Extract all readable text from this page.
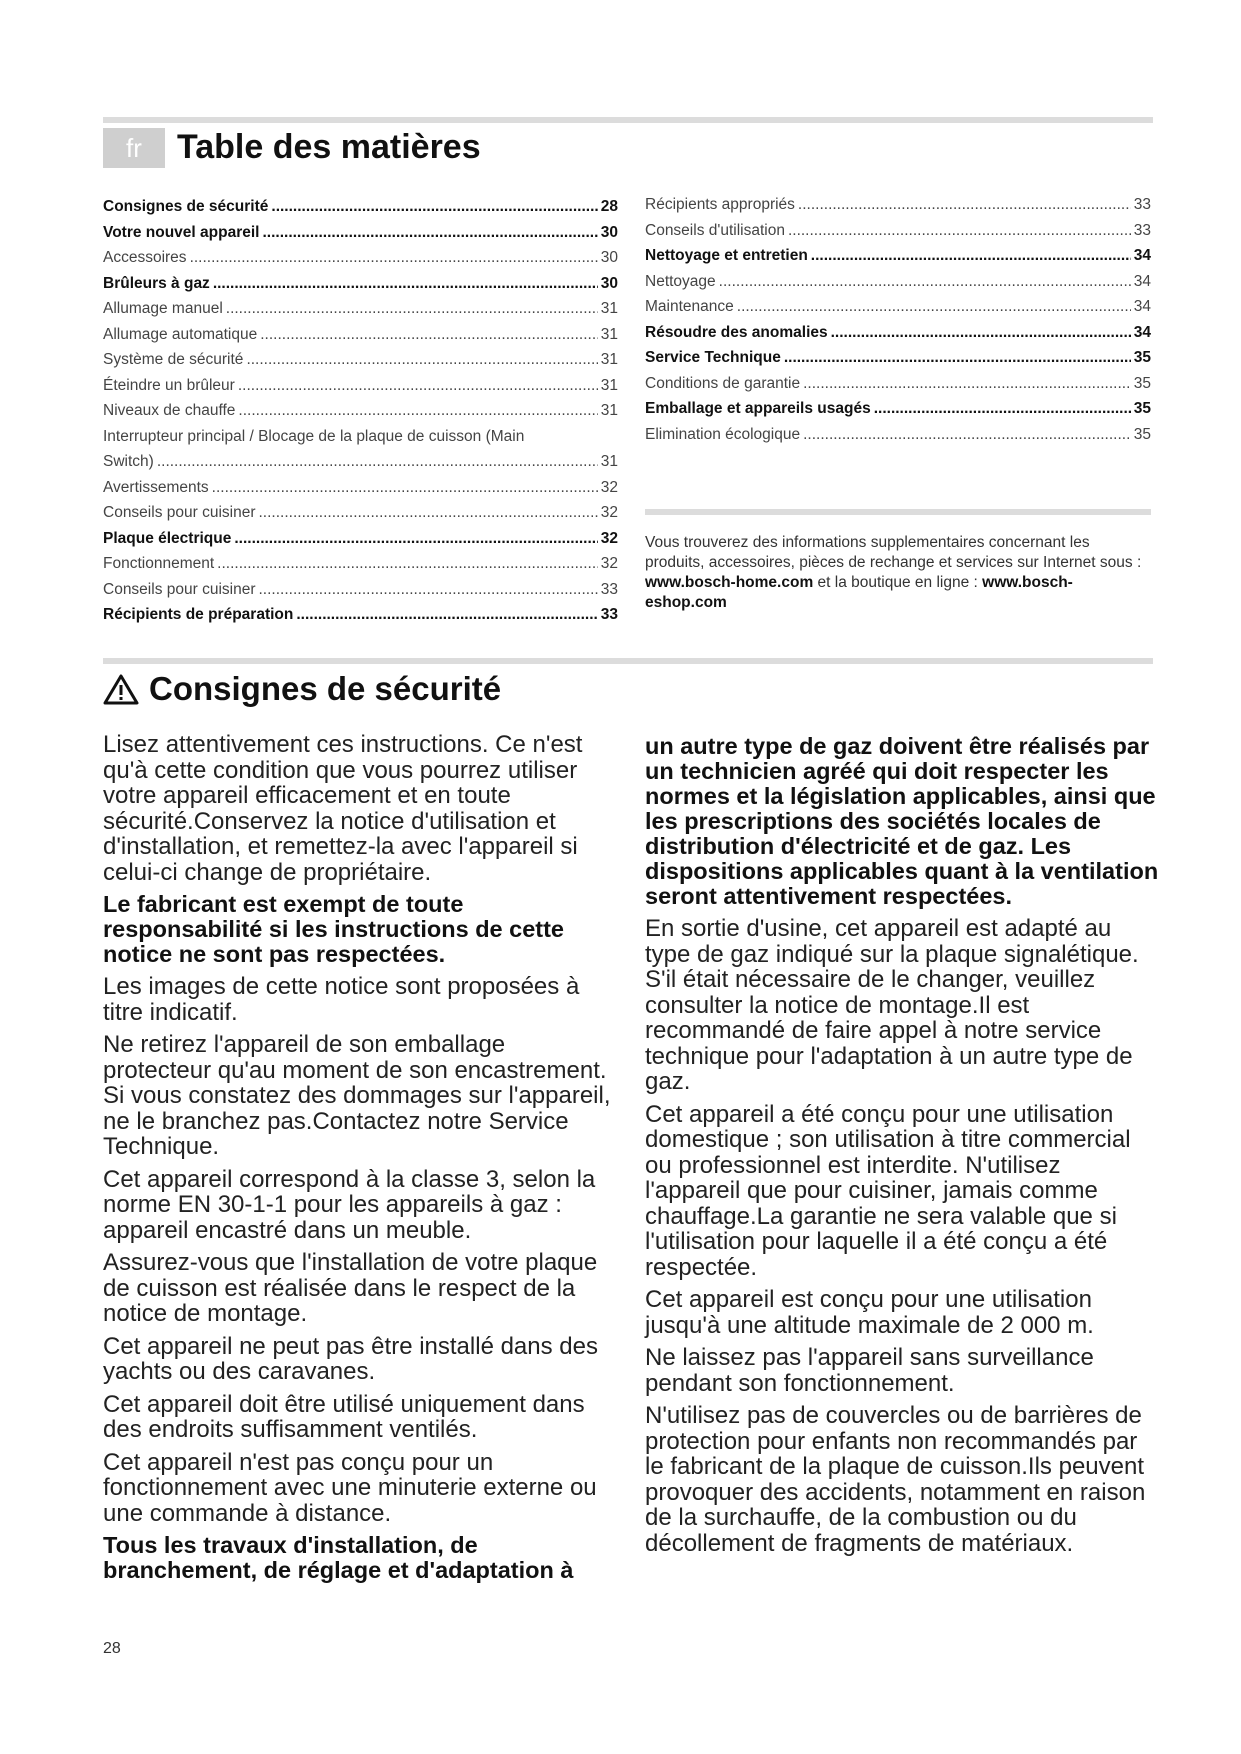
fr	Table des matières
Consignes de sécurité .....	28
Votre nouvel appareil .....	30
Accessoires .....	30
Brûleurs à gaz .....	30
Allumage manuel .....	31
Allumage automatique .....	31
Système de sécurité .....	31
Éteindre un brûleur .....	31
Niveaux de chauffe .....	31
Interrupteur principal / Blocage de la plaque de cuisson (Main
Switch) .....	31
Avertissements .....	32
Conseils pour cuisiner .....	32
Plaque électrique .....	32
Fonctionnement .....	32
Conseils pour cuisiner .....	33
Récipients de préparation .....	33
Récipients appropriés .....	33
Conseils d'utilisation .....	33
Nettoyage et entretien .....	34
Nettoyage .....	34
Maintenance .....	34
Résoudre des anomalies .....	34
Service Technique .....	35
Conditions de garantie .....	35
Emballage et appareils usagés .....	35
Elimination écologique .....	35
Vous trouverez des informations supplementaires concernant les produits, accessoires, pièces de rechange et services sur Internet sous : www.bosch-home.com et la boutique en ligne : www.bosch-eshop.com
Consignes de sécurité

Lisez attentivement ces instructions. Ce n'est qu'à cette condition que vous pourrez utiliser votre appareil efficacement et en toute sécurité.Conservez la notice d'utilisation et d'installation, et remettez-la avec l'appareil si celui-ci change de propriétaire.

Le fabricant est exempt de toute responsabilité si les instructions de cette notice ne sont pas respectées.

Les images de cette notice sont proposées à titre indicatif.

Ne retirez l'appareil de son emballage protecteur qu'au moment de son encastrement. Si vous constatez des dommages sur l'appareil, ne le branchez pas.Contactez notre Service Technique.

Cet appareil correspond à la classe 3, selon la norme EN 30-1-1 pour les appareils à gaz : appareil encastré dans un meuble.

Assurez-vous que l'installation de votre plaque de cuisson est réalisée dans le respect de la notice de montage.

Cet appareil ne peut pas être installé dans des yachts ou des caravanes.

Cet appareil doit être utilisé uniquement dans des endroits suffisamment ventilés.

Cet appareil n'est pas conçu pour un fonctionnement avec une minuterie externe ou une commande à distance.

Tous les travaux d'installation, de branchement, de réglage et d'adaptation à

un autre type de gaz doivent être réalisés par un technicien agréé qui doit respecter les normes et la législation applicables, ainsi que les prescriptions des sociétés locales de distribution d'électricité et de gaz. Les dispositions applicables quant à la ventilation seront attentivement respectées.

En sortie d'usine, cet appareil est adapté au type de gaz indiqué sur la plaque signalétique. S'il était nécessaire de le changer, veuillez consulter la notice de montage.Il est recommandé de faire appel à notre service technique pour l'adaptation à un autre type de gaz.

Cet appareil a été conçu pour une utilisation domestique ; son utilisation à titre commercial ou professionnel est interdite. N'utilisez l'appareil que pour cuisiner, jamais comme chauffage.La garantie ne sera valable que si l'utilisation pour laquelle il a été conçu a été respectée.

Cet appareil est conçu pour une utilisation jusqu'à une altitude maximale de 2 000 m.

Ne laissez pas l'appareil sans surveillance pendant son fonctionnement.

N'utilisez pas de couvercles ou de barrières de protection pour enfants non recommandés par le fabricant de la plaque de cuisson.Ils peuvent provoquer des accidents, notamment en raison de la surchauffe, de la combustion ou du décollement de fragments de matériaux.

28
